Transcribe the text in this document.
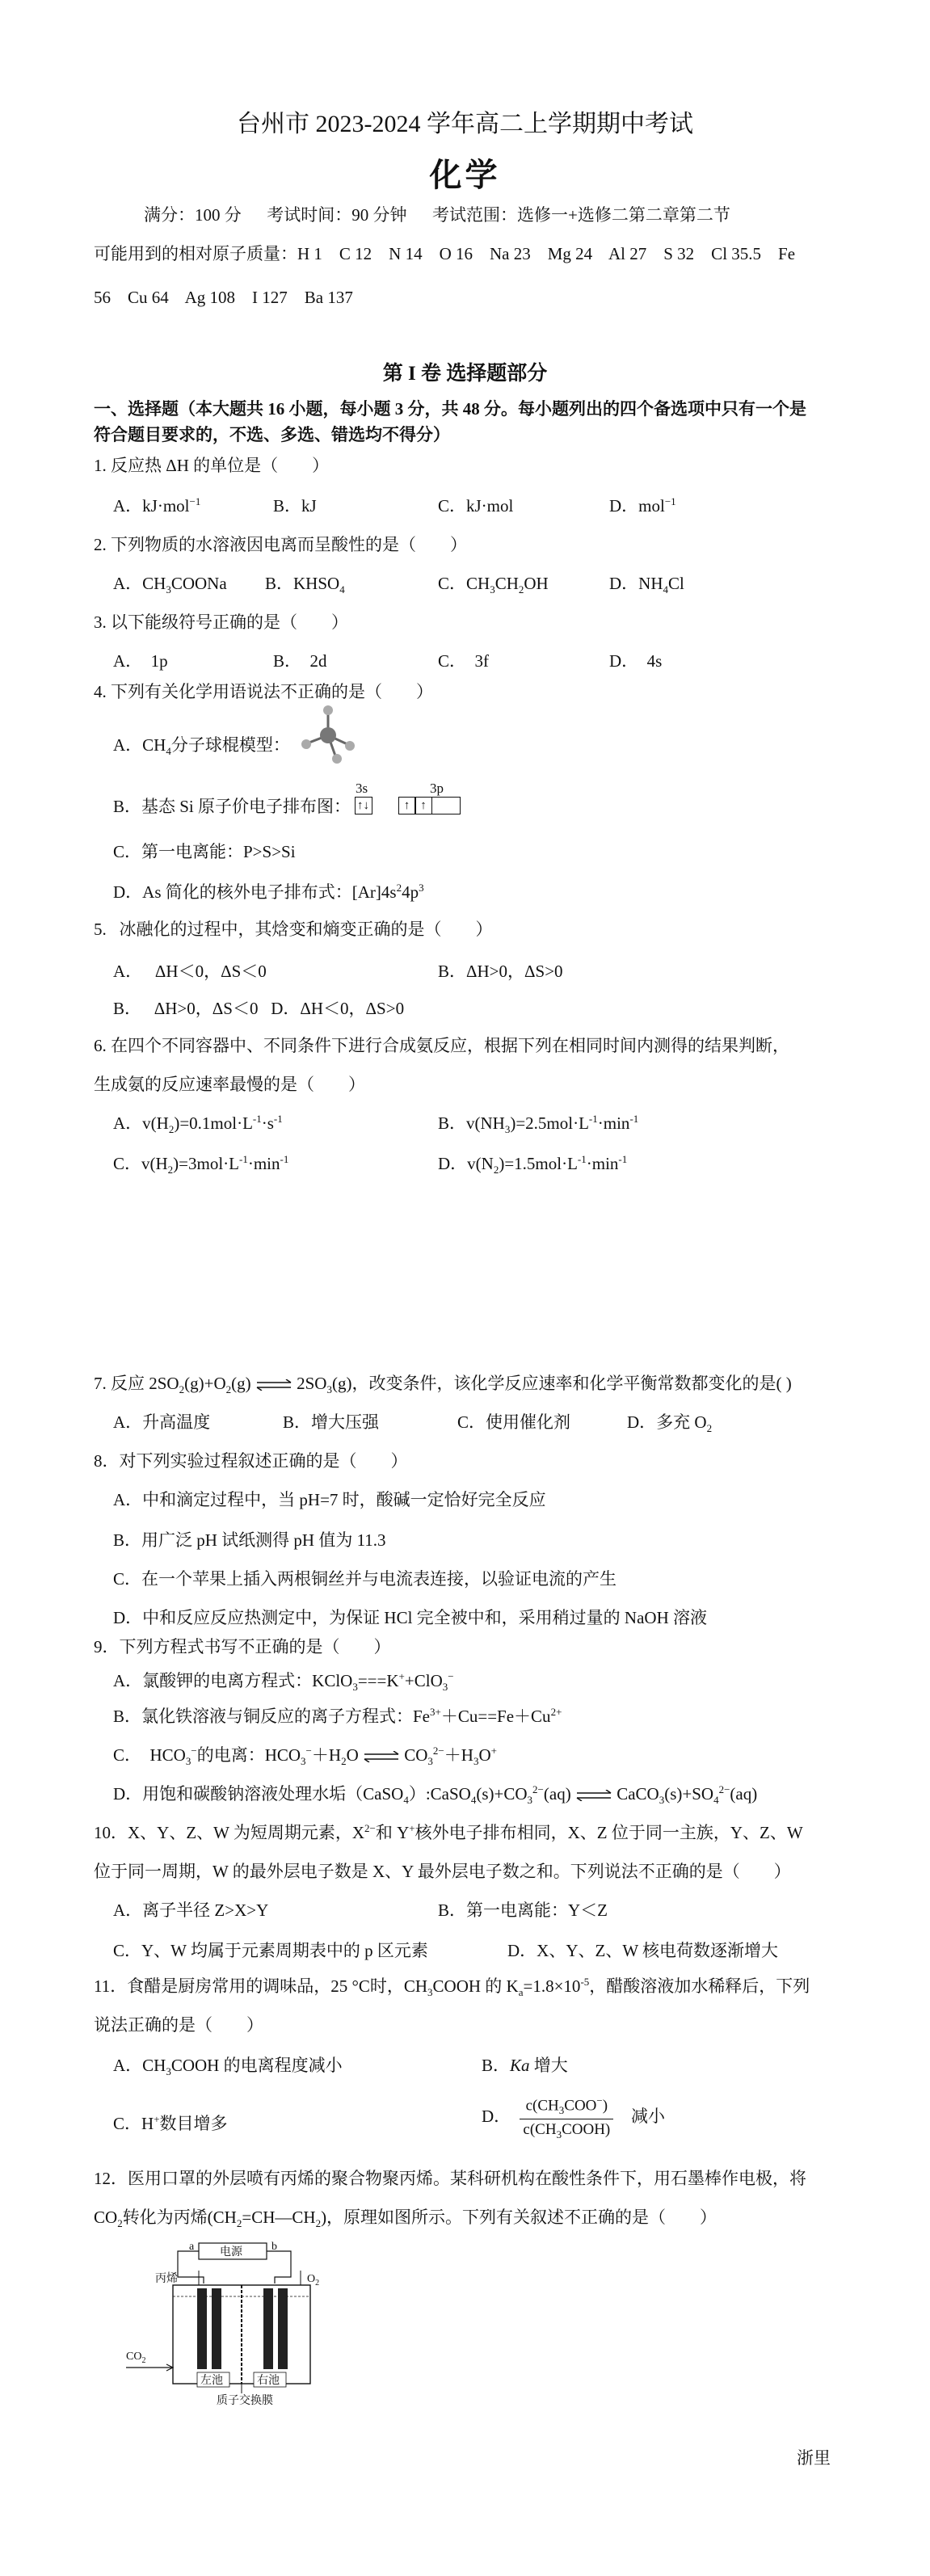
台州市 2023-2024 学年高二上学期期中考试
化学
满分：100 分      考试时间：90 分钟      考试范围：选修一+选修二第二章第二节
可能用到的相对原子质量：H 1    C 12    N 14    O 16    Na 23    Mg 24    Al 27    S 32    Cl 35.5    Fe
56    Cu 64    Ag 108    I 127    Ba 137
第 I 卷 选择题部分
一、选择题（本大题共 16 小题，每小题 3 分，共 48 分。每小题列出的四个备选项中只有一个是
符合题目要求的，不选、多选、错选均不得分）
1. 反应热 ΔH 的单位是（        ）
A．kJ·mol$^{-1}$	B．kJ	C．kJ·mol	D．mol$^{-1}$
2. 下列物质的水溶液因电离而呈酸性的是（        ）
A．$CH_3COONa$ B．$KHSO_4$	C．$CH_3CH_2OH$	D．$NH_4Cl$
3. 以下能级符号正确的是（        ）
A．  1p	B．  2d	C．  3f	D．  4s
4. 下列有关化学用语说法不正确的是（        ）
A．$CH_4$分子球棍模型：
B．基态 Si 原子价电子排布图：
3s	3p
↑↓	↑ ↑
C．第一电离能：P>S>Si
D．As 简化的核外电子排布式：$[Ar]4s^24p^3$
5.   冰融化的过程中，其焓变和熵变正确的是（        ）
A．   ΔH＜0，ΔS＜0	B．ΔH>0，ΔS>0
B．   ΔH>0，ΔS＜0   D．ΔH＜0，ΔS>0
6. 在四个不同容器中、不同条件下进行合成氨反应，根据下列在相同时间内测得的结果判断，
生成氨的反应速率最慢的是（        ）
A．$v(H_2)=0.1mol\cdot L^{-1}\cdot s^{-1}$	B．$v(NH_3)=2.5mol\cdot L^{-1}\cdot\min^{-1}$
C．$v(H_2)=3mol\cdot L^{-1}\cdot\min^{-1}$	D．$v(N_2)=1.5mol\cdot L^{-1}\cdot\min^{-1}$
7. 反应 $2SO_2(g)+O_2(g)$ ⇌ $2SO_3(g)$，改变条件，该化学反应速率和化学平衡常数都变化的是( )
A．升高温度	B．增大压强	C．使用催化剂	D．多充 $O_2$
8．对下列实验过程叙述正确的是（        ）
A．中和滴定过程中，当 pH=7 时，酸碱一定恰好完全反应
B．用广泛 pH 试纸测得 pH 值为 11.3
C．在一个苹果上插入两根铜丝并与电流表连接，以验证电流的产生
D．中和反应反应热测定中，为保证 HCl 完全被中和，采用稍过量的 NaOH 溶液
9．下列方程式书写不正确的是（        ）
A．氯酸钾的电离方程式：KClO$_3$===K++ClO$_3$−
B．氯化铁溶液与铜反应的离子方程式：$Fe^{3+}+Cu==Fe+Cu^{2+}$
C．  $HCO_3^-$的电离：$HCO_3^-+H_2O$ ⇌ $CO_3^{2-}+H_3O^+$
D．用饱和碳酸钠溶液处理水垢$(CaSO_4):CaSO_4(s)+CO_3^{2-}(aq)$ ⇌ $CaCO_3(s)+SO_4^{2-}(aq)$
10．X、Y、Z、W 为短周期元素，$X^{2-}$和 Y+核外电子排布相同，X、Z 位于同一主族，Y、Z、W
位于同一周期，W 的最外层电子数是 X、Y 最外层电子数之和。下列说法不正确的是（        ）
A．离子半径 Z>X>Y	B．第一电离能：Y＜Z
C．Y、W 均属于元素周期表中的 p 区元素	D．X、Y、Z、W 核电荷数逐渐增大
11．食醋是厨房常用的调味品，25 °C时，$CH_3COOH$ 的 $K_a=1.8\times 10^{-5}$，醋酸溶液加水稀释后，下列
说法正确的是（        ）
A．$CH_3COOH$ 的电离程度减小	B．Ka 增大
C．H+数目增多	D． $\frac{c(CH_3COO^-)}{c(CH_3COOH)}$ 减小
12．医用口罩的外层喷有丙烯的聚合物聚丙烯。某科研机构在酸性条件下，用石墨棒作电极，将
$CO_2$转化为丙烯$(CH_2=CH—CH_2)$，原理如图所示。下列有关叙述不正确的是（        ）
电源
a	b
丙烯	$O_2$
$CO_2$
左池	右池
质子交换膜
浙里
